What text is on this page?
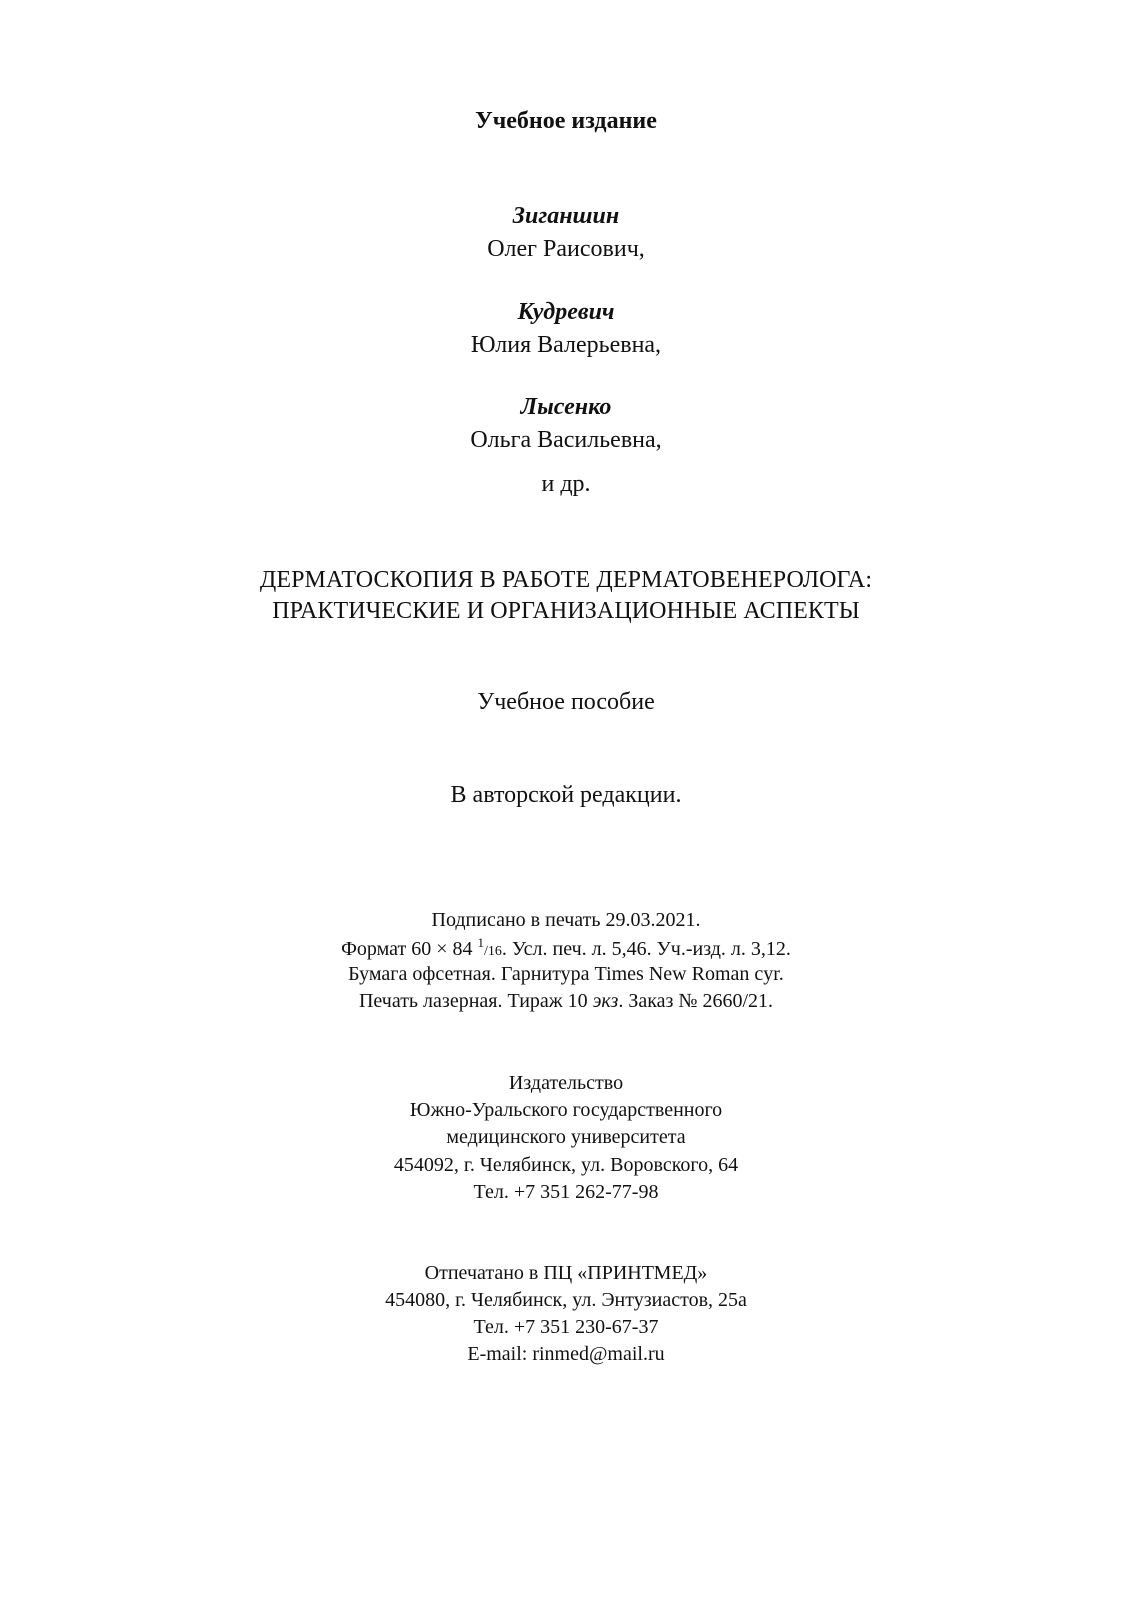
Учебное издание
Зиганшин
Олег Раисович,
Кудревич
Юлия Валерьевна,
Лысенко
Ольга Васильевна,
и др.
ДЕРМАТОСКОПИЯ В РАБОТЕ ДЕРМАТОВЕНЕРОЛОГА:
ПРАКТИЧЕСКИЕ И ОРГАНИЗАЦИОННЫЕ АСПЕКТЫ
Учебное пособие
В авторской редакции.
Подписано в печать 29.03.2021.
Формат 60 × 84 $^1$/16. Усл. печ. л. 5,46. Уч.-изд. л. 3,12.
Бумага офсетная. Гарнитура Times New Roman cyr.
Печать лазерная. Тираж 10 экз. Заказ № 2660/21.
Издательство
Южно-Уральского государственного
медицинского университета
454092, г. Челябинск, ул. Воровского, 64
Тел. +7 351 262-77-98
Отпечатано в ПЦ «ПРИНТМЕД»
454080, г. Челябинск, ул. Энтузиастов, 25а
Тел. +7 351 230-67-37
E-mail: rinmed@mail.ru
